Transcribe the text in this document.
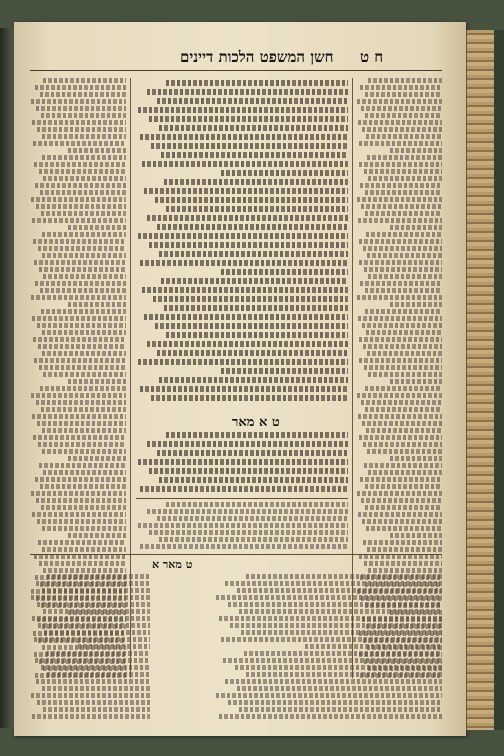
חשן המשפט הלכות דיינים ח ט
ט א מאר
ט מאר א
